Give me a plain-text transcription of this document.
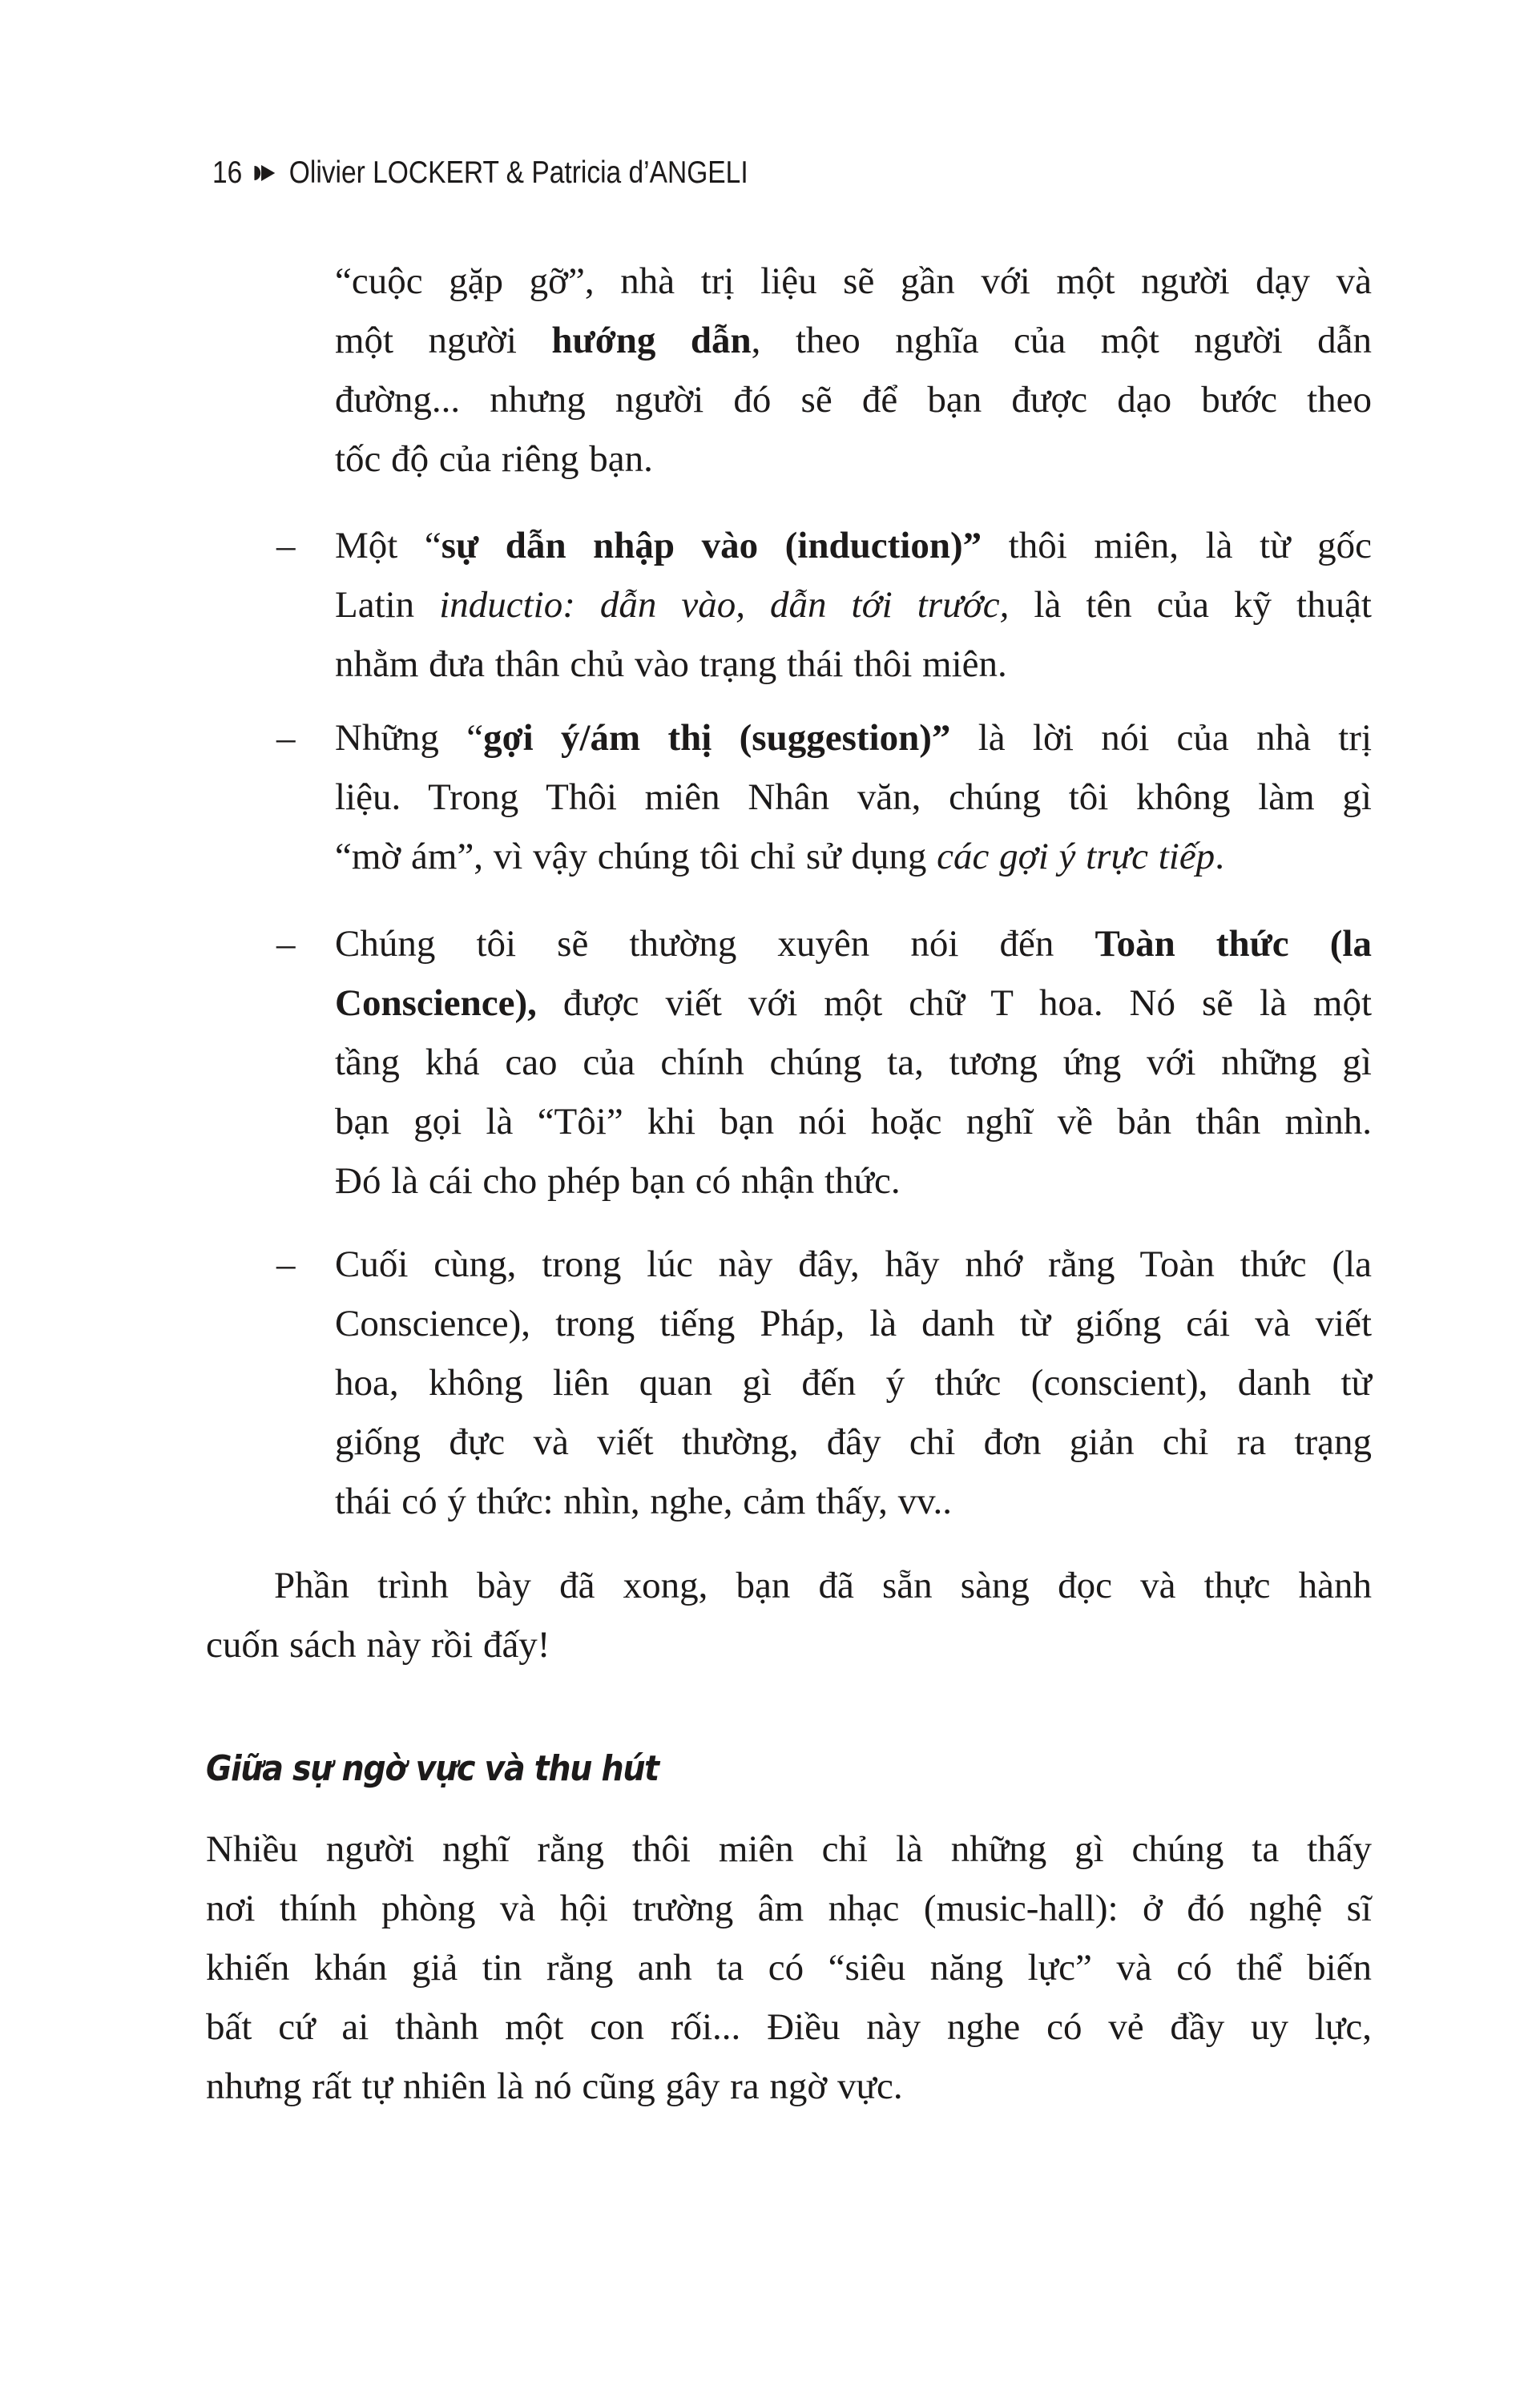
16 Olivier LOCKERT & Patricia d’ANGELI
“cuộc gặp gỡ”, nhà trị liệu sẽ gần với một người dạy và
một người hướng dẫn, theo nghĩa của một người dẫn
đường... nhưng người đó sẽ để bạn được dạo bước theo
tốc độ của riêng bạn.
–	Một “sự dẫn nhập vào (induction)” thôi miên, là từ gốc
Latin inductio: dẫn vào, dẫn tới trước, là tên của kỹ thuật
nhằm đưa thân chủ vào trạng thái thôi miên.
–	Những “gợi ý/ám thị (suggestion)” là lời nói của nhà trị
liệu. Trong Thôi miên Nhân văn, chúng tôi không làm gì
“mờ ám”, vì vậy chúng tôi chỉ sử dụng các gợi ý trực tiếp.
–	Chúng tôi sẽ thường xuyên nói đến Toàn thức (la
Conscience), được viết với một chữ T hoa. Nó sẽ là một
tầng khá cao của chính chúng ta, tương ứng với những gì
bạn gọi là “Tôi” khi bạn nói hoặc nghĩ về bản thân mình.
Đó là cái cho phép bạn có nhận thức.
–	Cuối cùng, trong lúc này đây, hãy nhớ rằng Toàn thức (la
Conscience), trong tiếng Pháp, là danh từ giống cái và viết
hoa, không liên quan gì đến ý thức (conscient), danh từ
giống đực và viết thường, đây chỉ đơn giản chỉ ra trạng
thái có ý thức: nhìn, nghe, cảm thấy, vv..
Phần trình bày đã xong, bạn đã sẵn sàng đọc và thực hành
cuốn sách này rồi đấy!
Giữa sự ngờ vực và thu hút
Nhiều người nghĩ rằng thôi miên chỉ là những gì chúng ta thấy
nơi thính phòng và hội trường âm nhạc (music-hall): ở đó nghệ sĩ
khiến khán giả tin rằng anh ta có “siêu năng lực” và có thể biến
bất cứ ai thành một con rối... Điều này nghe có vẻ đầy uy lực,
nhưng rất tự nhiên là nó cũng gây ra ngờ vực.
